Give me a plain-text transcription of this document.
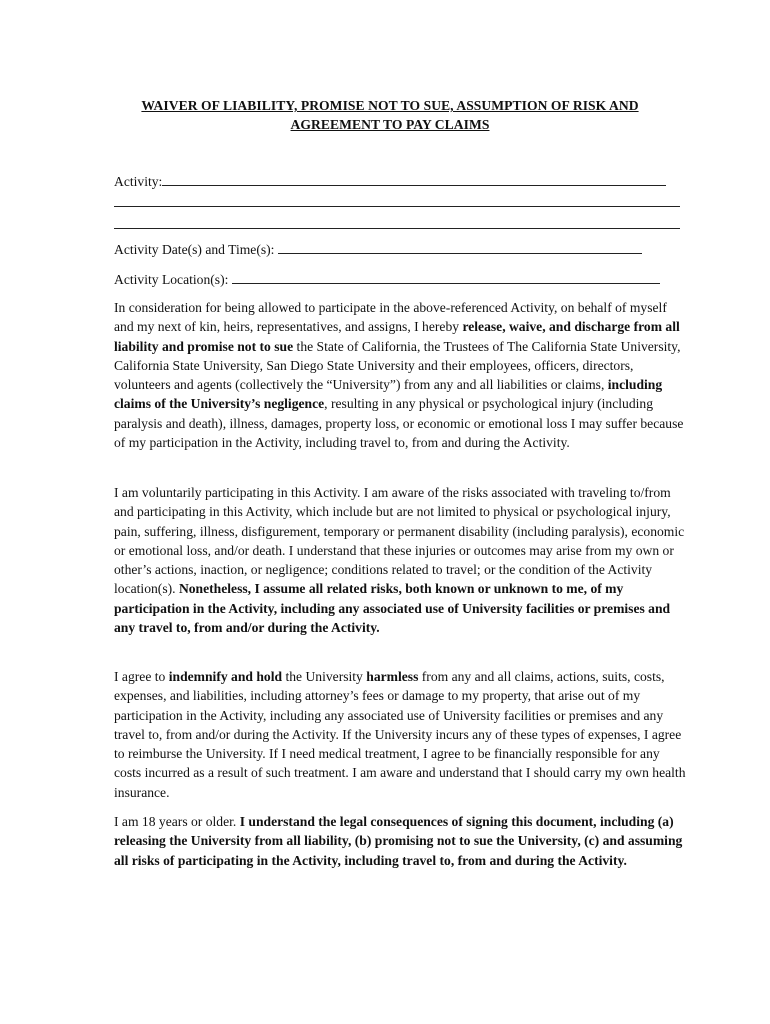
WAIVER OF LIABILITY, PROMISE NOT TO SUE, ASSUMPTION OF RISK AND
AGREEMENT TO PAY CLAIMS
Activity:
Activity Date(s) and Time(s):
Activity Location(s):

In consideration for being allowed to participate in the above-referenced Activity, on behalf of myself and my next of kin, heirs, representatives, and assigns, I hereby release, waive, and discharge from all liability and promise not to sue the State of California, the Trustees of The California State University, California State University, San Diego State University and their employees, officers, directors, volunteers and agents (collectively the “University”) from any and all liabilities or claims, including claims of the University’s negligence, resulting in any physical or psychological injury (including paralysis and death), illness, damages, property loss, or economic or emotional loss I may suffer because of my participation in the Activity, including travel to, from and during the Activity.

I am voluntarily participating in this Activity. I am aware of the risks associated with traveling to/from and participating in this Activity, which include but are not limited to physical or psychological injury, pain, suffering, illness, disfigurement, temporary or permanent disability (including paralysis), economic or emotional loss, and/or death. I understand that these injuries or outcomes may arise from my own or other’s actions, inaction, or negligence; conditions related to travel; or the condition of the Activity location(s). Nonetheless, I assume all related risks, both known or unknown to me, of my participation in the Activity, including any associated use of University facilities or premises and any travel to, from and/or during the Activity.

I agree to indemnify and hold the University harmless from any and all claims, actions, suits, costs, expenses, and liabilities, including attorney’s fees or damage to my property, that arise out of my participation in the Activity, including any associated use of University facilities or premises and any travel to, from and/or during the Activity. If the University incurs any of these types of expenses, I agree to reimburse the University. If I need medical treatment, I agree to be financially responsible for any costs incurred as a result of such treatment. I am aware and understand that I should carry my own health insurance.

I am 18 years or older. I understand the legal consequences of signing this document, including (a) releasing the University from all liability, (b) promising not to sue the University, (c) and assuming all risks of participating in the Activity, including travel to, from and during the Activity.
